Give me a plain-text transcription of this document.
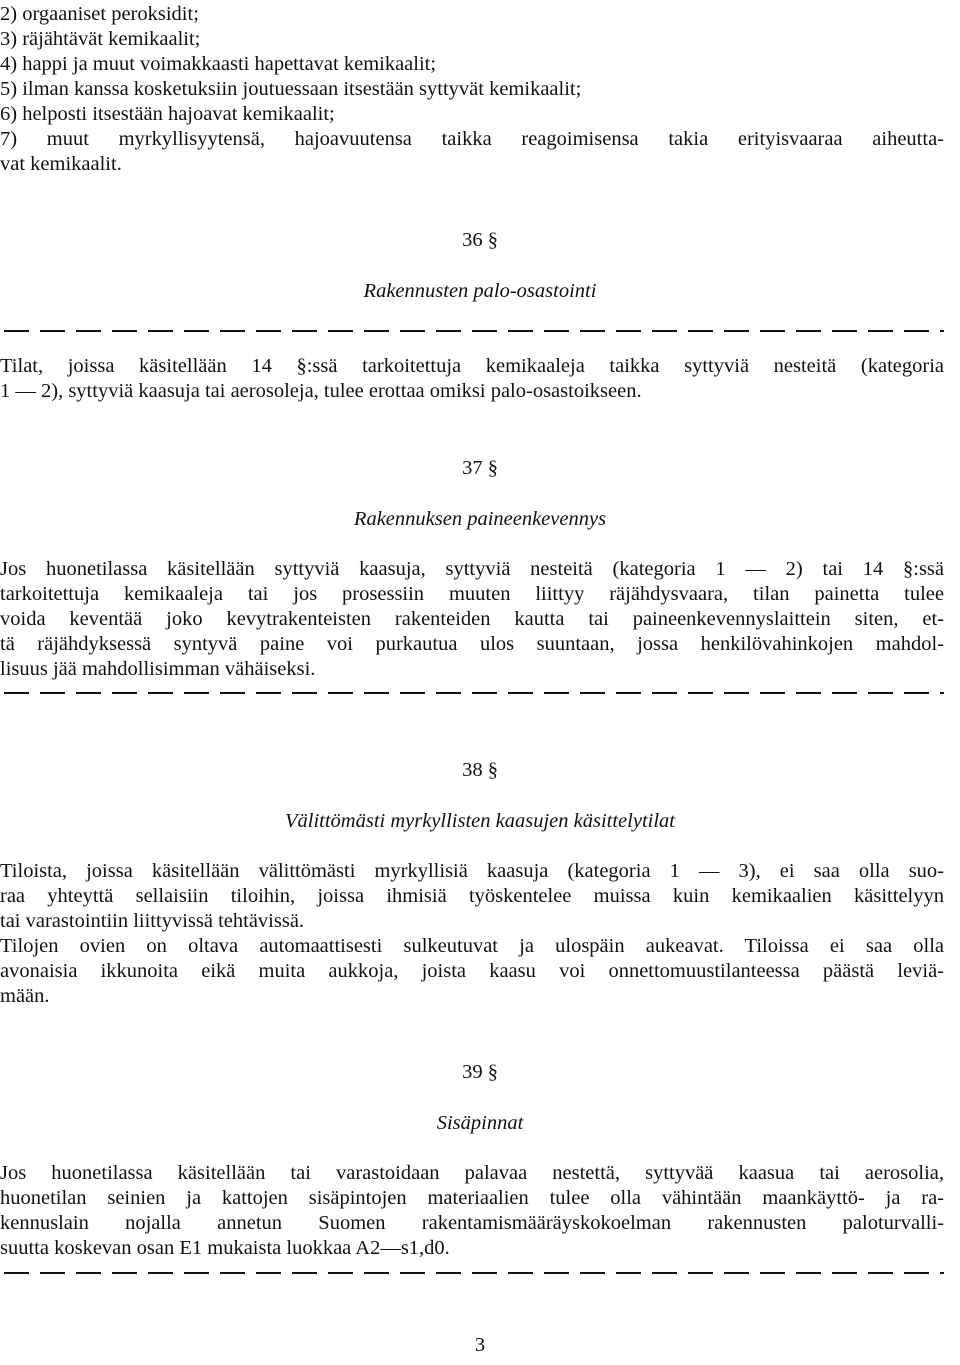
2) orgaaniset peroksidit;
3) räjähtävät kemikaalit;
4) happi ja muut voimakkaasti hapettavat kemikaalit;
5) ilman kanssa kosketuksiin joutuessaan itsestään syttyvät kemikaalit;
6) helposti itsestään hajoavat kemikaalit;
7) muut myrkyllisyytensä, hajoavuutensa taikka reagoimisensa takia erityisvaaraa aiheutta-
vat kemikaalit.
36 §
Rakennusten palo-osastointi
Tilat, joissa käsitellään 14 §:ssä tarkoitettuja kemikaaleja taikka syttyviä nesteitä (kategoria
1 — 2), syttyviä kaasuja tai aerosoleja, tulee erottaa omiksi palo-osastoikseen.
37 §
Rakennuksen paineenkevennys
Jos huonetilassa käsitellään syttyviä kaasuja, syttyviä nesteitä (kategoria 1 — 2) tai 14 §:ssä
tarkoitettuja kemikaaleja tai jos prosessiin muuten liittyy räjähdysvaara, tilan painetta tulee
voida keventää joko kevytrakenteisten rakenteiden kautta tai paineenkevennyslaittein siten, et-
tä räjähdyksessä syntyvä paine voi purkautua ulos suuntaan, jossa henkilövahinkojen mahdol-
lisuus jää mahdollisimman vähäiseksi.
38 §
Välittömästi myrkyllisten kaasujen käsittelytilat
Tiloista, joissa käsitellään välittömästi myrkyllisiä kaasuja (kategoria 1 — 3), ei saa olla suo-
raa yhteyttä sellaisiin tiloihin, joissa ihmisiä työskentelee muissa kuin kemikaalien käsittelyyn
tai varastointiin liittyvissä tehtävissä.
Tilojen ovien on oltava automaattisesti sulkeutuvat ja ulospäin aukeavat. Tiloissa ei saa olla
avonaisia ikkunoita eikä muita aukkoja, joista kaasu voi onnettomuustilanteessa päästä leviä-
mään.
39 §
Sisäpinnat
Jos huonetilassa käsitellään tai varastoidaan palavaa nestettä, syttyvää kaasua tai aerosolia,
huonetilan seinien ja kattojen sisäpintojen materiaalien tulee olla vähintään maankäyttö- ja ra-
kennuslain nojalla annetun Suomen rakentamismääräyskokoelman rakennusten paloturvalli-
suutta koskevan osan E1 mukaista luokkaa A2—s1,d0.
3
